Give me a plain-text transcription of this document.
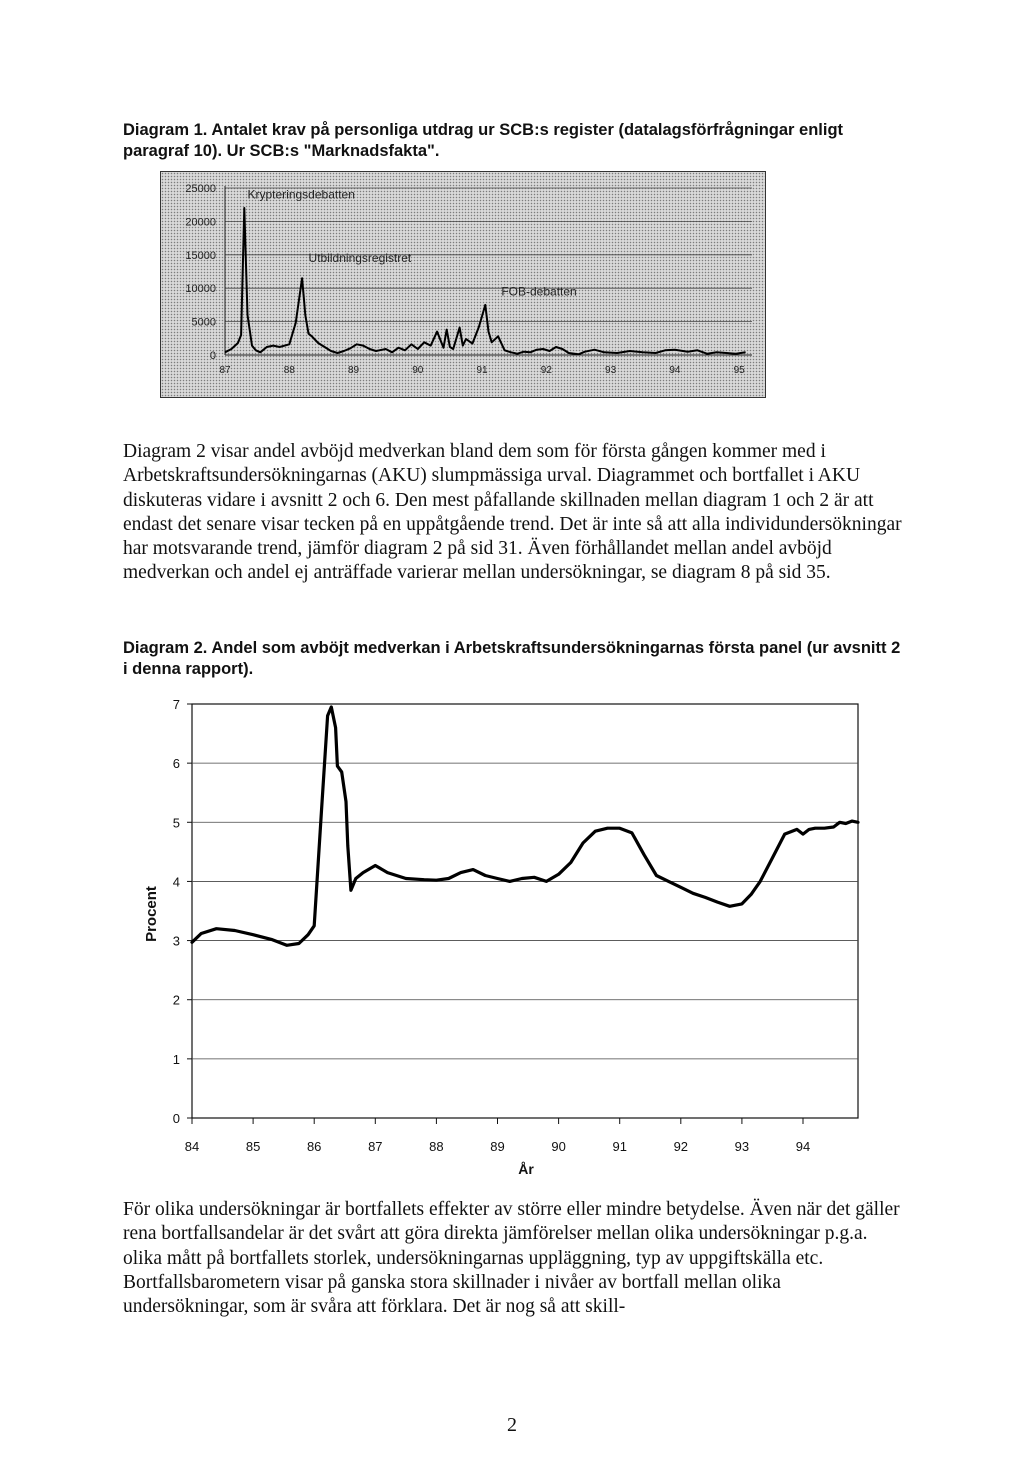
Diagram 1. Antalet krav på personliga utdrag ur SCB:s register (datalagsförfrågningar enligt paragraf 10). Ur SCB:s "Marknadsfakta".
0
5000
10000
15000
20000
25000
87	88	89	90	91	92	93	94	95
Krypteringsdebatten
Utbildningsregistret
FOB-debatten
Diagram 2 visar andel avböjd medverkan bland dem som för första gången kommer med i Arbetskraftsundersökningarnas (AKU) slumpmässiga urval. Diagrammet och bortfallet i AKU diskuteras vidare i avsnitt 2 och 6. Den mest påfallande skillnaden mellan diagram 1 och 2 är att endast det senare visar tecken på en uppåtgående trend. Det är inte så att alla individundersökningar har motsvarande trend, jämför diagram 2 på sid 31. Även förhållandet mellan andel avböjd medverkan och andel ej anträffade varierar mellan undersökningar, se diagram 8 på sid 35.
Diagram 2. Andel som avböjt medverkan i Arbetskraftsundersökningarnas första panel (ur avsnitt 2 i denna rapport).
0
1
2
3
4
5
6
7
84	85	86	87	88	89	90	91	92	93	94
År
Procent
För olika undersökningar är bortfallets effekter av större eller mindre betydelse. Även när det gäller rena bortfallsandelar är det svårt att göra direkta jämförelser mellan olika undersökningar p.g.a. olika mått på bortfallets storlek, undersökningarnas uppläggning, typ av uppgiftskälla etc. Bortfallsbarometern visar på ganska stora skillnader i nivåer av bortfall mellan olika undersökningar, som är svåra att förklara. Det är nog så att skill-
2
